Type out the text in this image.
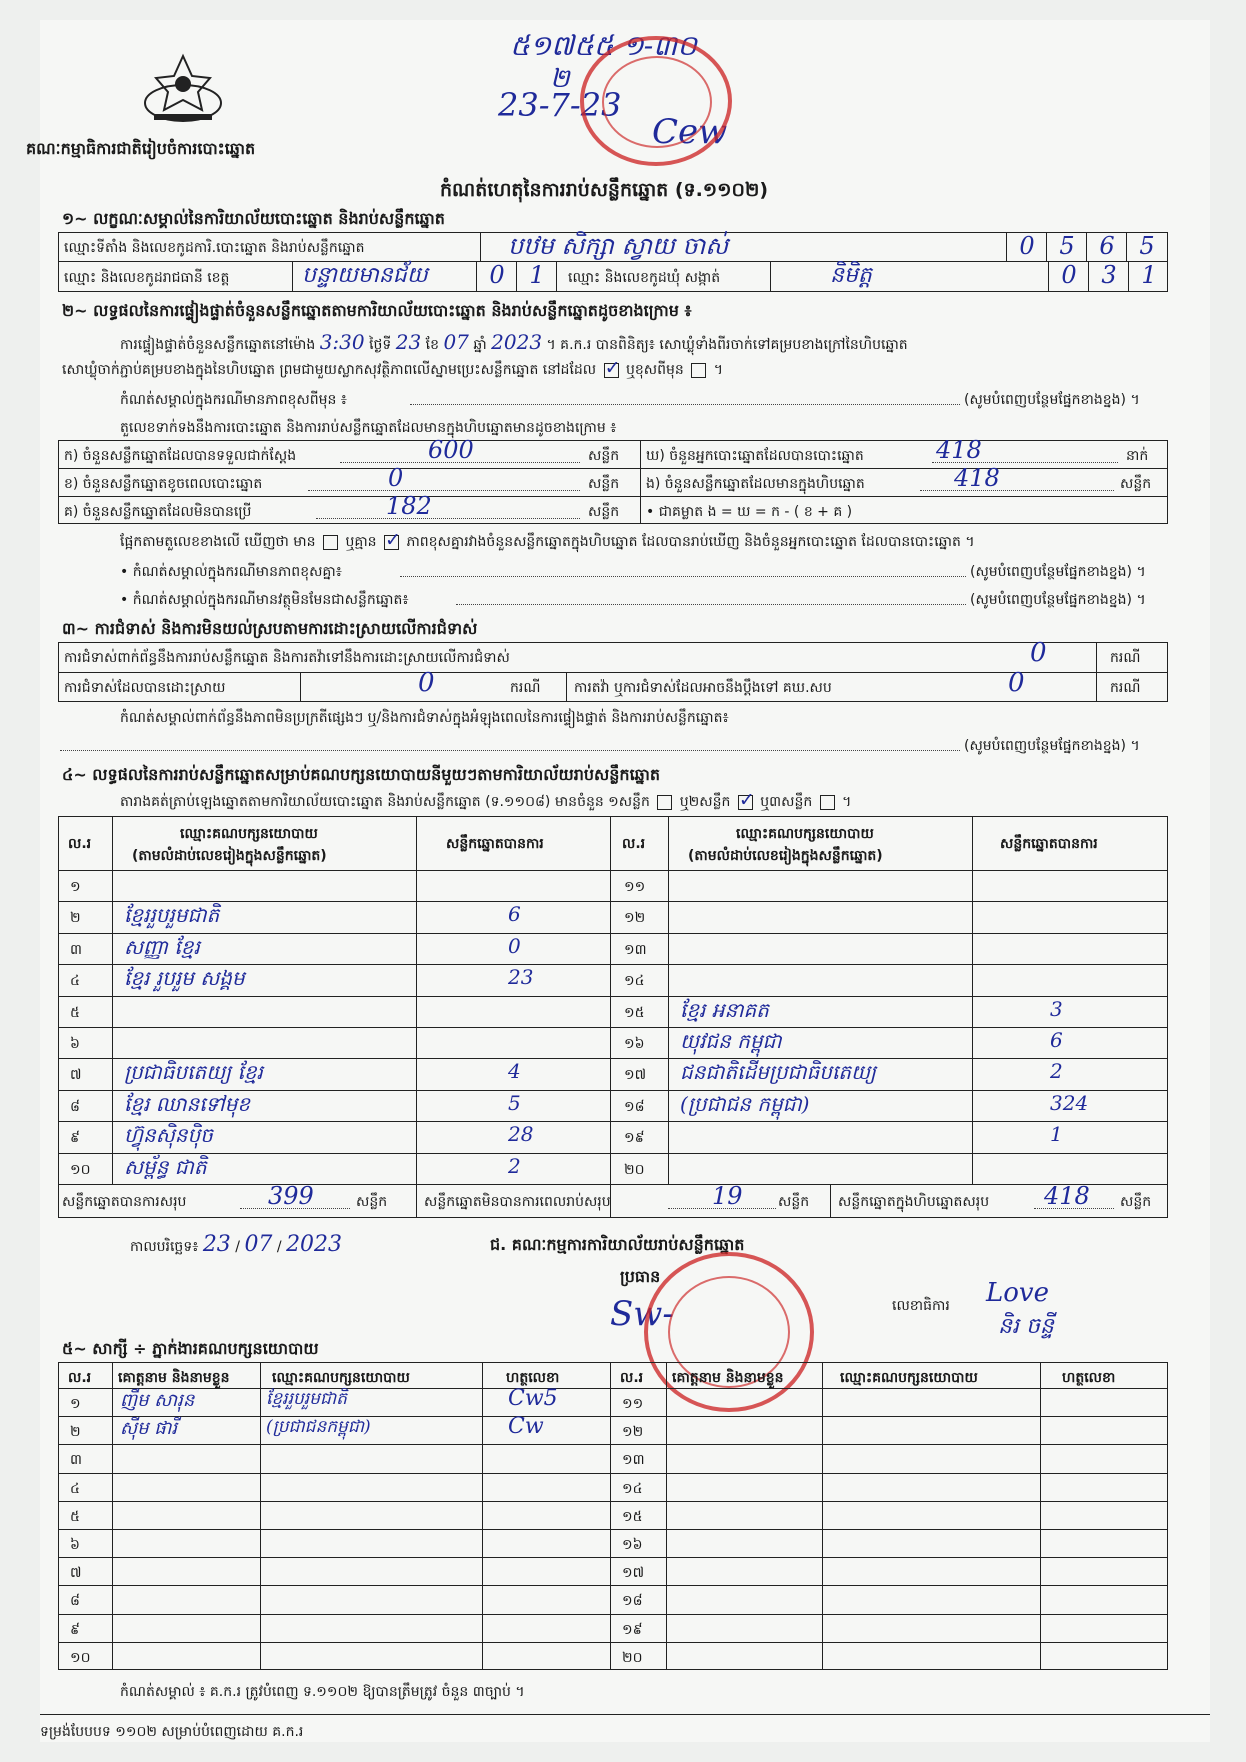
គណៈកម្មាធិការជាតិរៀបចំការបោះឆ្នោត
៥១៧៥៥ ១-៣០
២
23-7-23
Cew
កំណត់ហេតុនៃការរាប់សន្លឹកឆ្នោត (ទ.១១០២)
១~ លក្ខណៈសម្គាល់នៃការិយាល័យបោះឆ្នោត និងរាប់សន្លឹកឆ្នោត
ឈ្មោះទីតាំង និងលេខកូដការិ.បោះឆ្នោត និងរាប់សន្លឹកឆ្នោត	បឋម សិក្សា ស្វាយ ចាស់	0	5	6	5
ឈ្មោះ និងលេខកូដរាជធានី ខេត្ត	បន្ទាយមានជ័យ	0	1	ឈ្មោះ និងលេខកូដឃុំ សង្កាត់	និមិត្ត	0	3	1
២~ លទ្ធផលនៃការផ្ទៀងផ្ទាត់ចំនួនសន្លឹកឆ្នោតតាមការិយាល័យបោះឆ្នោត និងរាប់សន្លឹកឆ្នោតដូចខាងក្រោម ៖
ការផ្ទៀងផ្ទាត់ចំនួនសន្លឹកឆ្នោតនៅម៉ោង 3:30 ថ្ងៃទី 23 ខែ 07 ឆ្នាំ 2023 ។ គ.ក.រ បានពិនិត្យ៖ សោឃ្លុំទាំងពីរចាក់ទៅគម្របខាងក្រៅនៃហិបឆ្នោត
សោឃ្លុំចាក់ភ្ជាប់គម្របខាងក្នុងនៃហិបឆ្នោត ព្រមជាមួយស្លាកសុវត្ថិភាពលើស្នាមប្រេះសន្លឹកឆ្នោត នៅដដែល ✓ ឬខុសពីមុន ។
កំណត់សម្គាល់ក្នុងករណីមានភាពខុសពីមុន ៖	(សូមបំពេញបន្ថែមផ្នែកខាងខ្នង) ។
តួលេខទាក់ទងនឹងការបោះឆ្នោត និងការរាប់សន្លឹកឆ្នោតដែលមានក្នុងហិបឆ្នោតមានដូចខាងក្រោម ៖
ក) ចំនួនសន្លឹកឆ្នោតដែលបានទទួលជាក់ស្តែង	600	សន្លឹក
ខ) ចំនួនសន្លឹកឆ្នោតខូចពេលបោះឆ្នោត	0	សន្លឹក
គ) ចំនួនសន្លឹកឆ្នោតដែលមិនបានប្រើ	182	សន្លឹក
ឃ) ចំនួនអ្នកបោះឆ្នោតដែលបានបោះឆ្នោត	418	នាក់
ង) ចំនួនសន្លឹកឆ្នោតដែលមានក្នុងហិបឆ្នោត	418	សន្លឹក
• ជាគម្លាត ង = ឃ = ក - ( ខ + គ )
ផ្អែកតាមតួលេខខាងលើ ឃើញថា មាន ឬគ្មាន ✓ ភាពខុសគ្នារវាងចំនួនសន្លឹកឆ្នោតក្នុងហិបឆ្នោត ដែលបានរាប់ឃើញ និងចំនួនអ្នកបោះឆ្នោត ដែលបានបោះឆ្នោត ។
• កំណត់សម្គាល់ក្នុងករណីមានភាពខុសគ្នា៖	(សូមបំពេញបន្ថែមផ្នែកខាងខ្នង) ។
• កំណត់សម្គាល់ក្នុងករណីមានវត្ថុមិនមែនជាសន្លឹកឆ្នោត៖	(សូមបំពេញបន្ថែមផ្នែកខាងខ្នង) ។
៣~ ការជំទាស់ និងការមិនយល់ស្របតាមការដោះស្រាយលើការជំទាស់
ការជំទាស់ពាក់ព័ន្ធនឹងការរាប់សន្លឹកឆ្នោត និងការតវ៉ាទៅនឹងការដោះស្រាយលើការជំទាស់	0	ករណី
ការជំទាស់ដែលបានដោះស្រាយ	0	ករណី ការតវ៉ា ឬការជំទាស់ដែលអាចនឹងប្តឹងទៅ គឃ.សប	0	ករណី
កំណត់សម្គាល់ពាក់ព័ន្ធនឹងភាពមិនប្រក្រតីផ្សេងៗ ឬ/និងការជំទាស់ក្នុងអំឡុងពេលនៃការផ្ទៀងផ្ទាត់ និងការរាប់សន្លឹកឆ្នោត៖
(សូមបំពេញបន្ថែមផ្នែកខាងខ្នង) ។
៤~ លទ្ធផលនៃការរាប់សន្លឹកឆ្នោតសម្រាប់គណបក្សនយោបាយនីមួយៗតាមការិយាល័យរាប់សន្លឹកឆ្នោត
តារាងគត់ត្រាប់ឡេងឆ្នោតតាមការិយាល័យបោះឆ្នោត និងរាប់សន្លឹកឆ្នោត (ទ.១១០៨) មានចំនួន ១សន្លឹក ឬ២សន្លឹក ✓ ឬ៣សន្លឹក ។
ល.រ
ឈ្មោះគណបក្សនយោបាយ
(តាមលំដាប់លេខរៀងក្នុងសន្លឹកឆ្នោត)
សន្លឹកឆ្នោតបានការ	ល.រ
ឈ្មោះគណបក្សនយោបាយ
(តាមលំដាប់លេខរៀងក្នុងសន្លឹកឆ្នោត)
សន្លឹកឆ្នោតបានការ
១	១១
២ ខ្មែររួបរួមជាតិ	6	១២
៣ សញ្ញា ខ្មែរ	0	១៣
៤ ខ្មែរ រួបរួម សង្គម	23	១៤
៥	១៥ ខ្មែរ អនាគត	3
៦	១៦ យុវជន កម្ពុជា	6
៧ ប្រជាធិបតេយ្យ ខ្មែរ	4	១៧ ជនជាតិដើមប្រជាធិបតេយ្យ	2
៨ ខ្មែរ ឈានទៅមុខ	5	១៨ (ប្រជាជន កម្ពុជា)	324
៩ ហ៊្វុនស៊ិនប៉ិច	28	១៩	1
១០ សម្ព័ន្ធ ជាតិ	2	២០
សន្លឹកឆ្នោតបានការសរុប	399	សន្លឹក	សន្លឹកឆ្នោតមិនបានការពេលរាប់សរុប	19	សន្លឹក សន្លឹកឆ្នោតក្នុងហិបឆ្នោតសរុប 418 សន្លឹក
កាលបរិច្ឆេទ៖ 23 / 07 / 2023	ជ. គណៈកម្មការការិយាល័យរាប់សន្លឹកឆ្នោត
ប្រធាន
Sw-	លេខាធិការ Love
និរ ចន្ទី
៥~ សាក្សី ÷ ភ្នាក់ងារគណបក្សនយោបាយ
ល.រ គោត្តនាម និងនាមខ្លួន	ឈ្មោះគណបក្សនយោបាយ	ហត្ថលេខា	ល.រ គោត្តនាម និងនាមខ្លួន	ឈ្មោះគណបក្សនយោបាយ	ហត្ថលេខា
១ ញឹម សារុន	ខ្មែររួបរួមជាតិ	Cw5	១១
២ សុីម ផារី	(ប្រជាជនកម្ពុជា)	Cw	១២
៣	១៣
៤	១៤
៥	១៥
៦	១៦
៧	១៧
៨	១៨
៩	១៩
១០	២០
កំណត់សម្គាល់ ៖ គ.ក.រ ត្រូវបំពេញ ទ.១១០២ ឱ្យបានត្រឹមត្រូវ ចំនួន ៣ច្បាប់ ។
ទម្រង់បែបបទ ១១០២ សម្រាប់បំពេញដោយ គ.ក.រ
